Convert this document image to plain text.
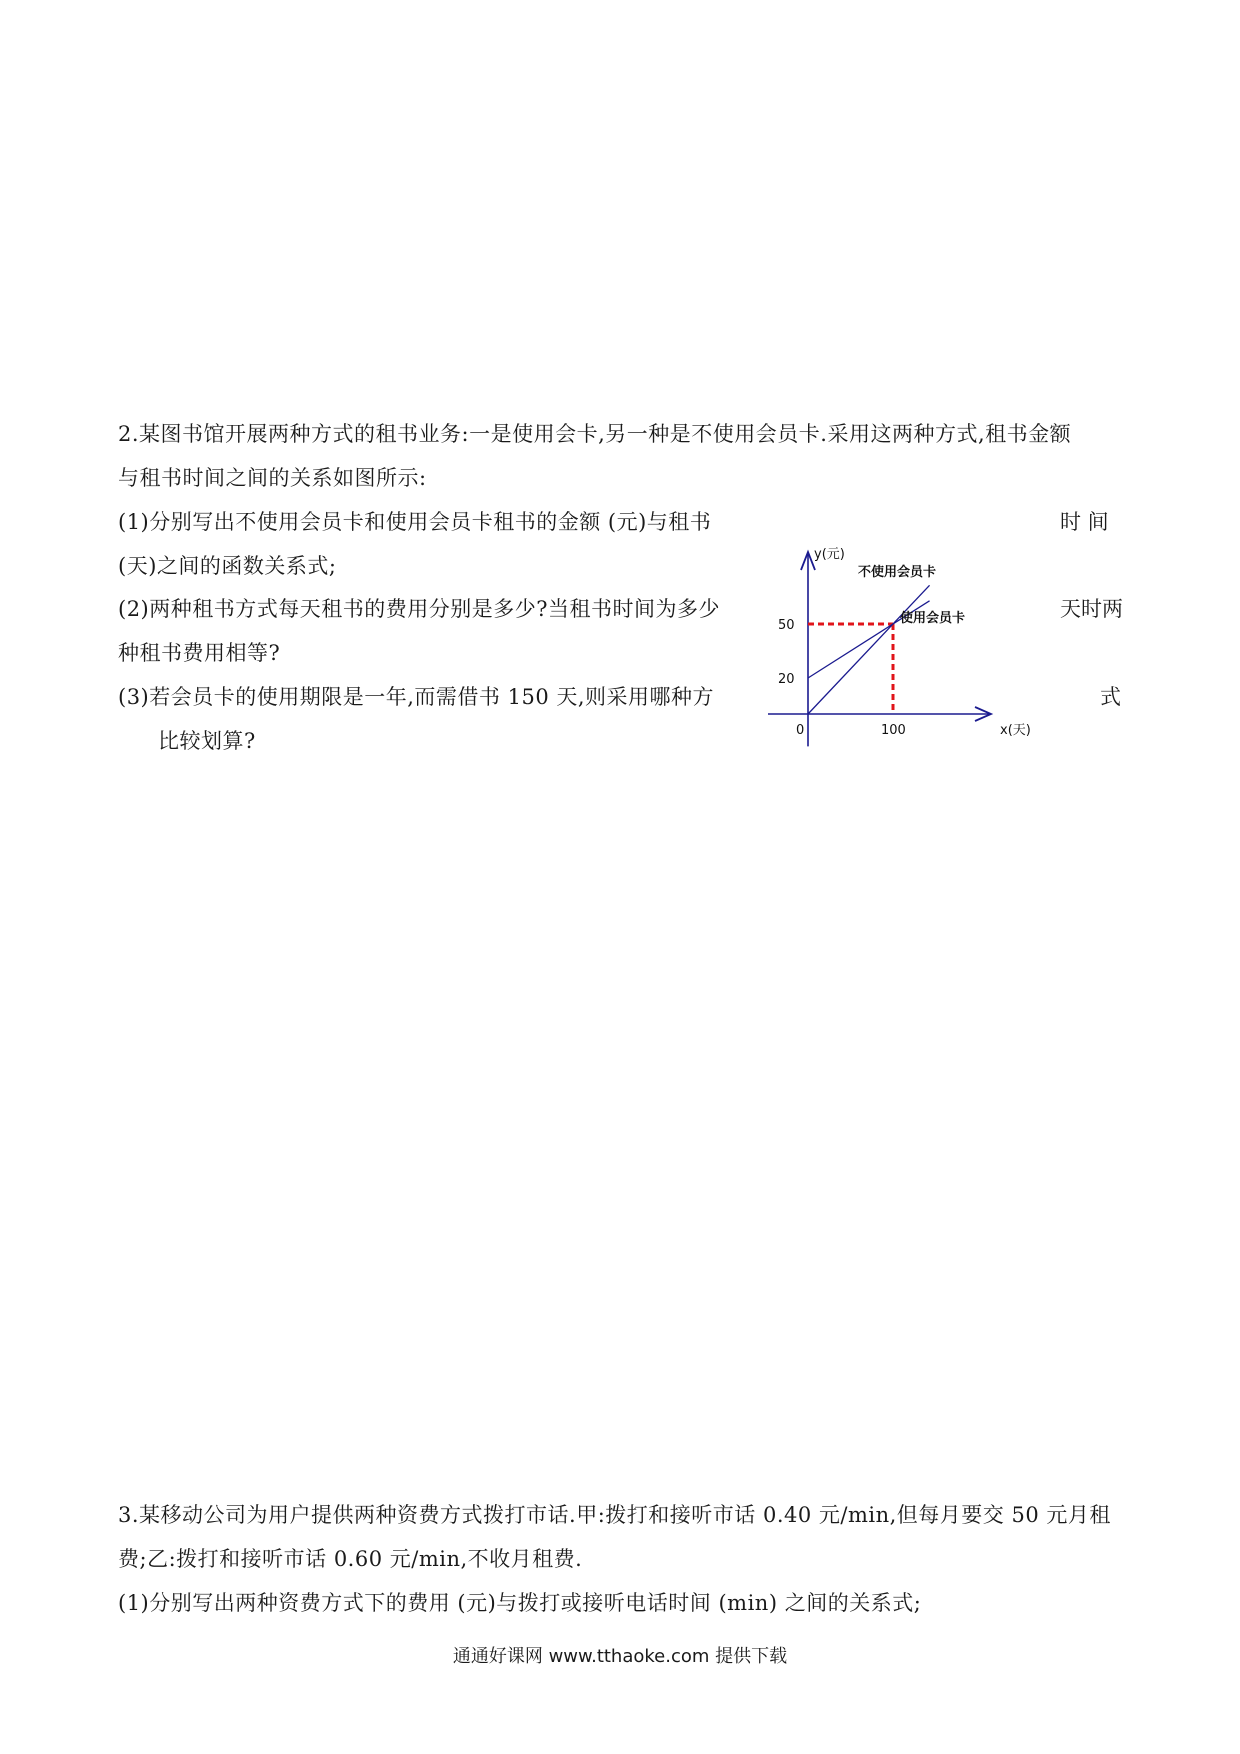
2.某图书馆开展两种方式的租书业务:一是使用会卡,另一种是不使用会员卡.采用这两种方式,租书金额
与租书时间之间的关系如图所示:
(1)分别写出不使用会员卡和使用会员卡租书的金额 (元)与租书	时 间
(天)之间的函数关系式;
(2)两种租书方式每天租书的费用分别是多少?当租书时间为多少	天时两
种租书费用相等?
(3)若会员卡的使用期限是一年,而需借书 150 天,则采用哪种方	式
比较划算?
y(元)
x(天)
0	100
20
50
不使用会员卡
使用会员卡
3.某移动公司为用户提供两种资费方式拨打市话.甲:拨打和接听市话 0.40 元/min,但每月要交 50 元月租
费;乙:拨打和接听市话 0.60 元/min,不收月租费.
(1)分别写出两种资费方式下的费用 (元)与拨打或接听电话时间 (min) 之间的关系式;
通通好课网 www.tthaoke.com 提供下载
